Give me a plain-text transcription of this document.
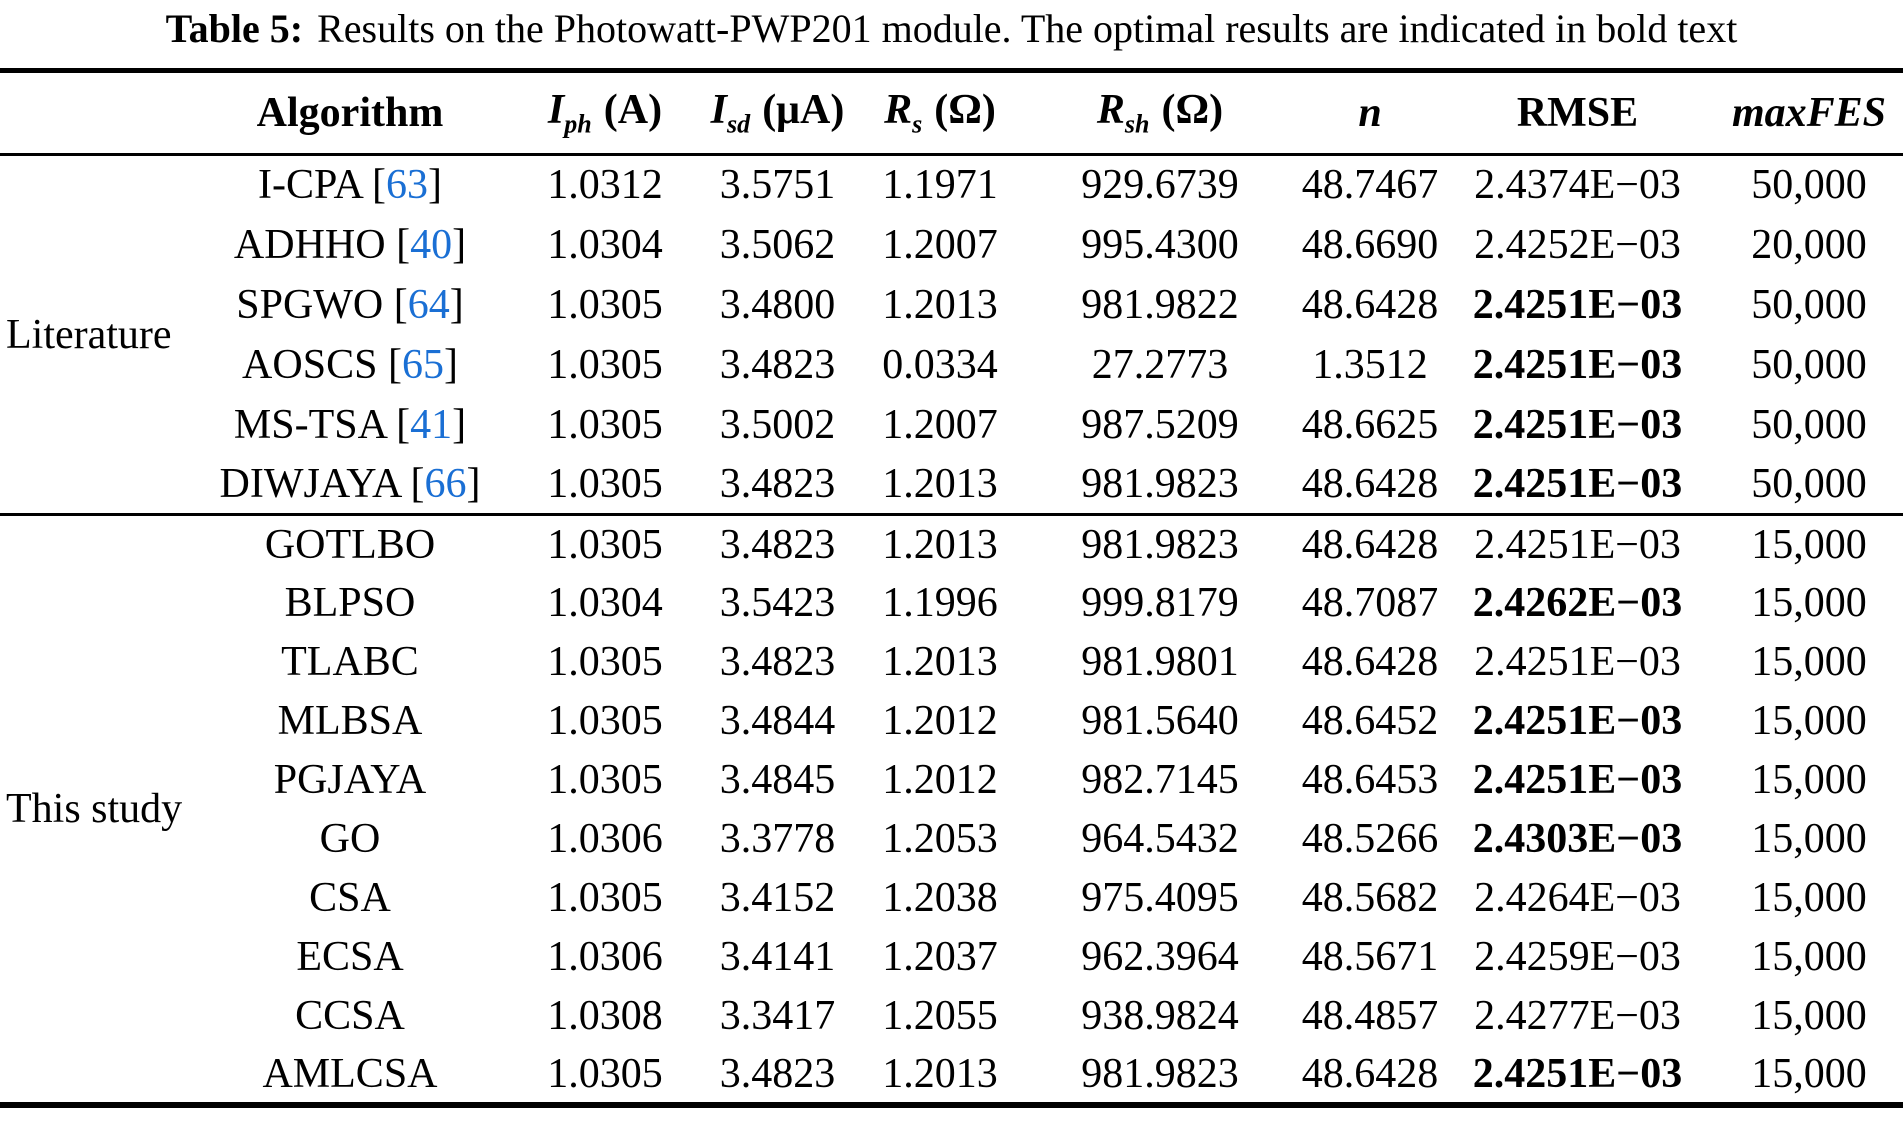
Table 5: Results on the Photowatt-PWP201 module. The optimal results are indicated in bold text
	Algorithm	$I_{ph}$ (A)	$I_{sd}$ (μA)	$R_s$ (Ω)	$R_{sh}$ (Ω)	n	RMSE	maxFES
Literature	I-CPA [63]	1.0312	3.5751	1.1971	929.6739	48.7467	2.4374E−03	50,000
	ADHHO [40]	1.0304	3.5062	1.2007	995.4300	48.6690	2.4252E−03	20,000
	SPGWO [64]	1.0305	3.4800	1.2013	981.9822	48.6428	2.4251E−03	50,000
	AOSCS [65]	1.0305	3.4823	0.0334	27.2773	1.3512	2.4251E−03	50,000
	MS-TSA [41]	1.0305	3.5002	1.2007	987.5209	48.6625	2.4251E−03	50,000
	DIWJAYA [66]	1.0305	3.4823	1.2013	981.9823	48.6428	2.4251E−03	50,000
This study	GOTLBO	1.0305	3.4823	1.2013	981.9823	48.6428	2.4251E−03	15,000
	BLPSO	1.0304	3.5423	1.1996	999.8179	48.7087	2.4262E−03	15,000
	TLABC	1.0305	3.4823	1.2013	981.9801	48.6428	2.4251E−03	15,000
	MLBSA	1.0305	3.4844	1.2012	981.5640	48.6452	2.4251E−03	15,000
	PGJAYA	1.0305	3.4845	1.2012	982.7145	48.6453	2.4251E−03	15,000
	GO	1.0306	3.3778	1.2053	964.5432	48.5266	2.4303E−03	15,000
	CSA	1.0305	3.4152	1.2038	975.4095	48.5682	2.4264E−03	15,000
	ECSA	1.0306	3.4141	1.2037	962.3964	48.5671	2.4259E−03	15,000
	CCSA	1.0308	3.3417	1.2055	938.9824	48.4857	2.4277E−03	15,000
	AMLCSA	1.0305	3.4823	1.2013	981.9823	48.6428	2.4251E−03	15,000
